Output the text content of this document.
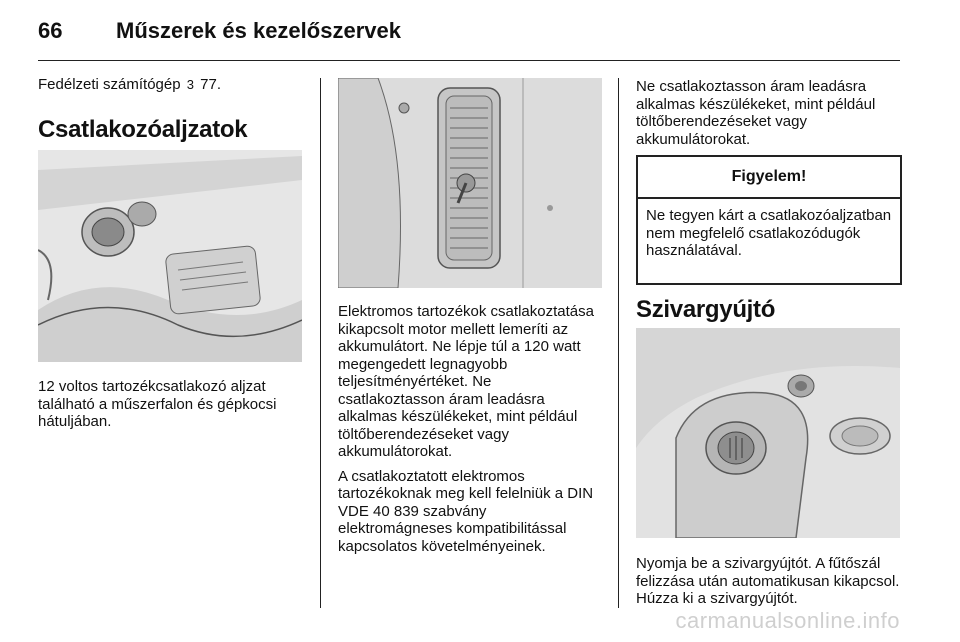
66	Műszerek és kezelőszervek

Fedélzeti számítógép 3 77.

Csatlakozóaljzatok

12 voltos tartozékcsatlakozó aljzat található a műszerfalon és gépkocsi hátuljában.

Elektromos tartozékok csatlakoztatása kikapcsolt motor mellett lemeríti az akkumulátort. Ne lépje túl a 120 watt megengedett legnagyobb teljesítményértéket. Ne csatlakoztasson áram leadásra alkalmas készülékeket, mint például töltőberendezéseket vagy akkumulátorokat.

A csatlakoztatott elektromos tartozékoknak meg kell felelniük a DIN VDE 40 839 szabvány elektromágneses kompatibilitással kapcsolatos követelményeinek.

Ne csatlakoztasson áram leadásra alkalmas készülékeket, mint például töltőberendezéseket vagy akkumulátorokat.

Figyelem!

Ne tegyen kárt a csatlakozóaljzatban nem megfelelő csatlakozódugók használatával.

Szivargyújtó

Nyomja be a szivargyújtót. A fűtőszál felizzása után automatikusan kikapcsol. Húzza ki a szivargyújtót.

carmanualsonline.info
